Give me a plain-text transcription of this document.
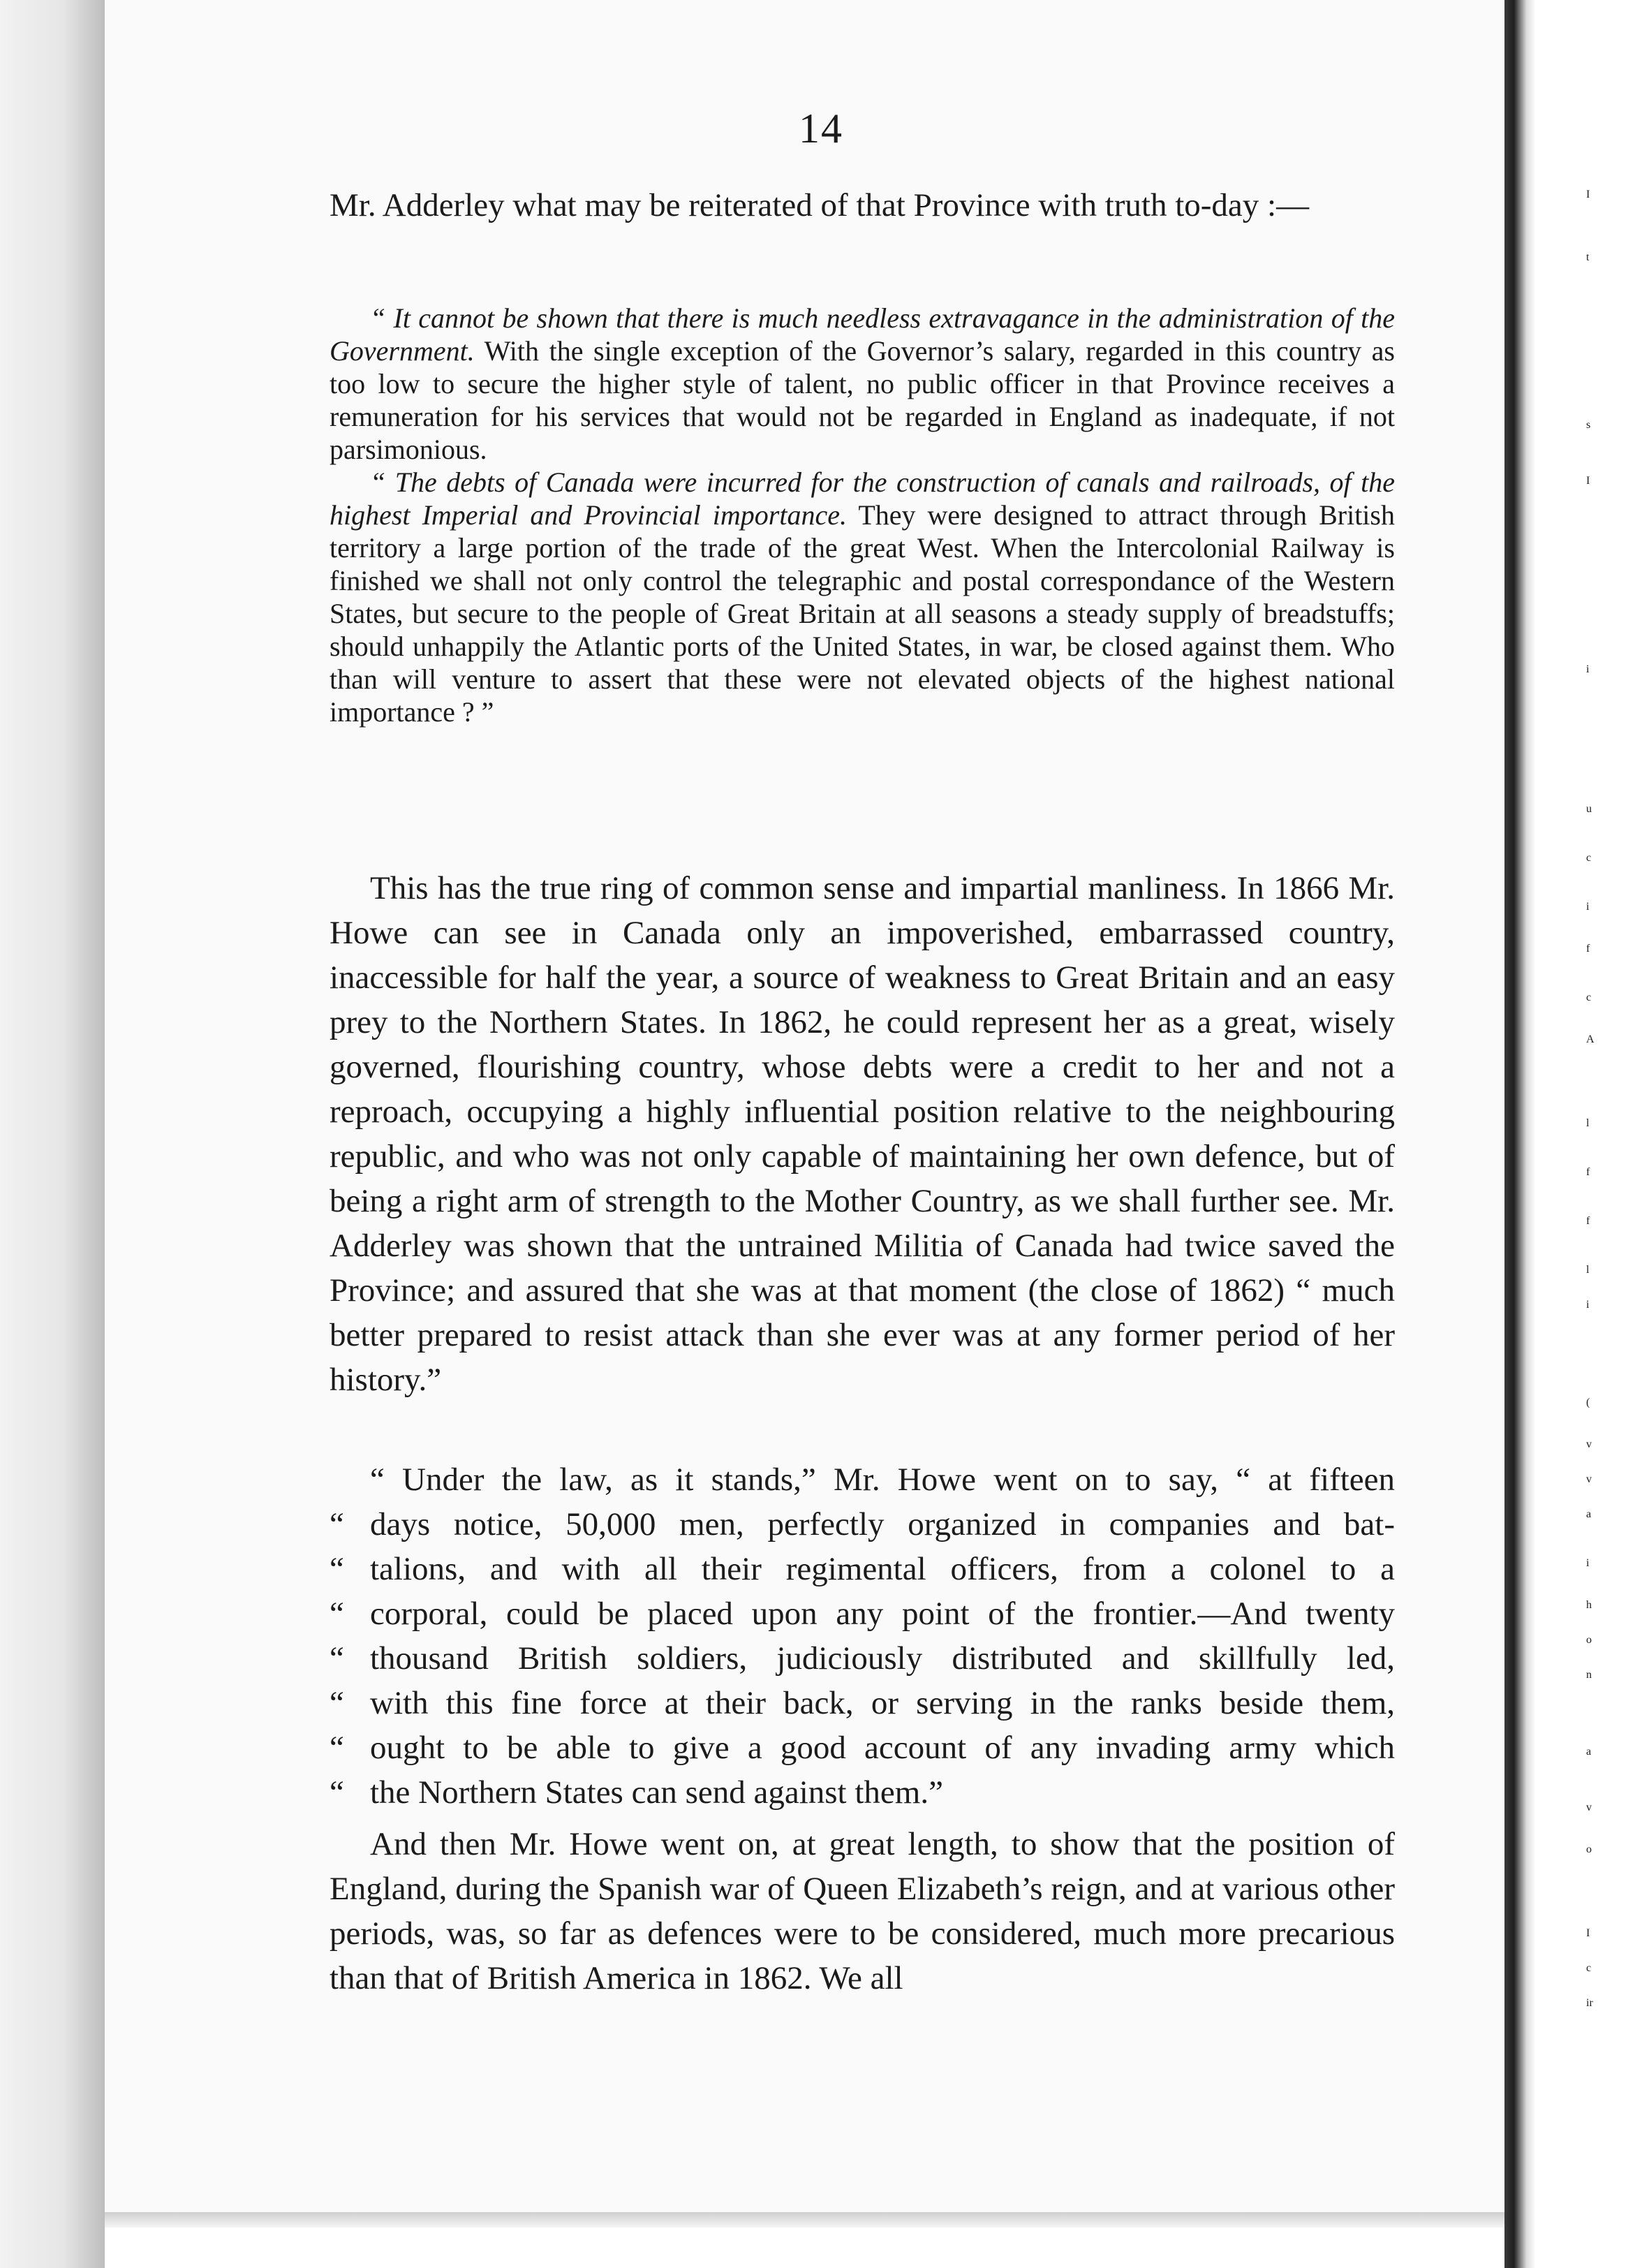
I
t
s
I
i
u
c
i
f
c
A
l
f
f
l
i
(
v
v
a
i
h
o
n
a
v
o
I
c
ir
14

Mr. Adderley what may be reiterated of that Province with truth to-day :—

“ It cannot be shown that there is much needless extravagance in the administration of the Government. With the single exception of the Governor’s salary, regarded in this country as too low to secure the higher style of talent, no public officer in that Province receives a remuneration for his services that would not be regarded in England as inadequate, if not parsimonious.

“ The debts of Canada were incurred for the construction of canals and railroads, of the highest Imperial and Provincial importance. They were designed to attract through British territory a large portion of the trade of the great West. When the Intercolonial Railway is finished we shall not only control the telegraphic and postal correspondance of the Western States, but secure to the people of Great Britain at all seasons a steady supply of breadstuffs; should unhappily the Atlantic ports of the United States, in war, be closed against them. Who than will venture to assert that these were not elevated objects of the highest national importance ? ”

This has the true ring of common sense and impartial manliness. In 1866 Mr. Howe can see in Canada only an impoverished, embarrassed country, inaccessible for half the year, a source of weakness to Great Britain and an easy prey to the Northern States. In 1862, he could represent her as a great, wisely governed, flourishing country, whose debts were a credit to her and not a reproach, occupying a highly influential position relative to the neighbouring republic, and who was not only capable of maintaining her own defence, but of being a right arm of strength to the Mother Country, as we shall further see. Mr. Adderley was shown that the untrained Militia of Canada had twice saved the Province; and assured that she was at that moment (the close of 1862) “ much better prepared to resist attack than she ever was at any former period of her history.”

“ Under the law, as it stands,” Mr. Howe went on to say, “ at fifteen
“ days notice, 50,000 men, perfectly organized in companies and bat-
“ talions, and with all their regimental officers, from a colonel to a
“ corporal, could be placed upon any point of the frontier.—And twenty
“ thousand British soldiers, judiciously distributed and skillfully led,
“ with this fine force at their back, or serving in the ranks beside them,
“ ought to be able to give a good account of any invading army which
“ the Northern States can send against them.”

And then Mr. Howe went on, at great length, to show that the position of England, during the Spanish war of Queen Elizabeth’s reign, and at various other periods, was, so far as defences were to be considered, much more precarious than that of British America in 1862. We all
